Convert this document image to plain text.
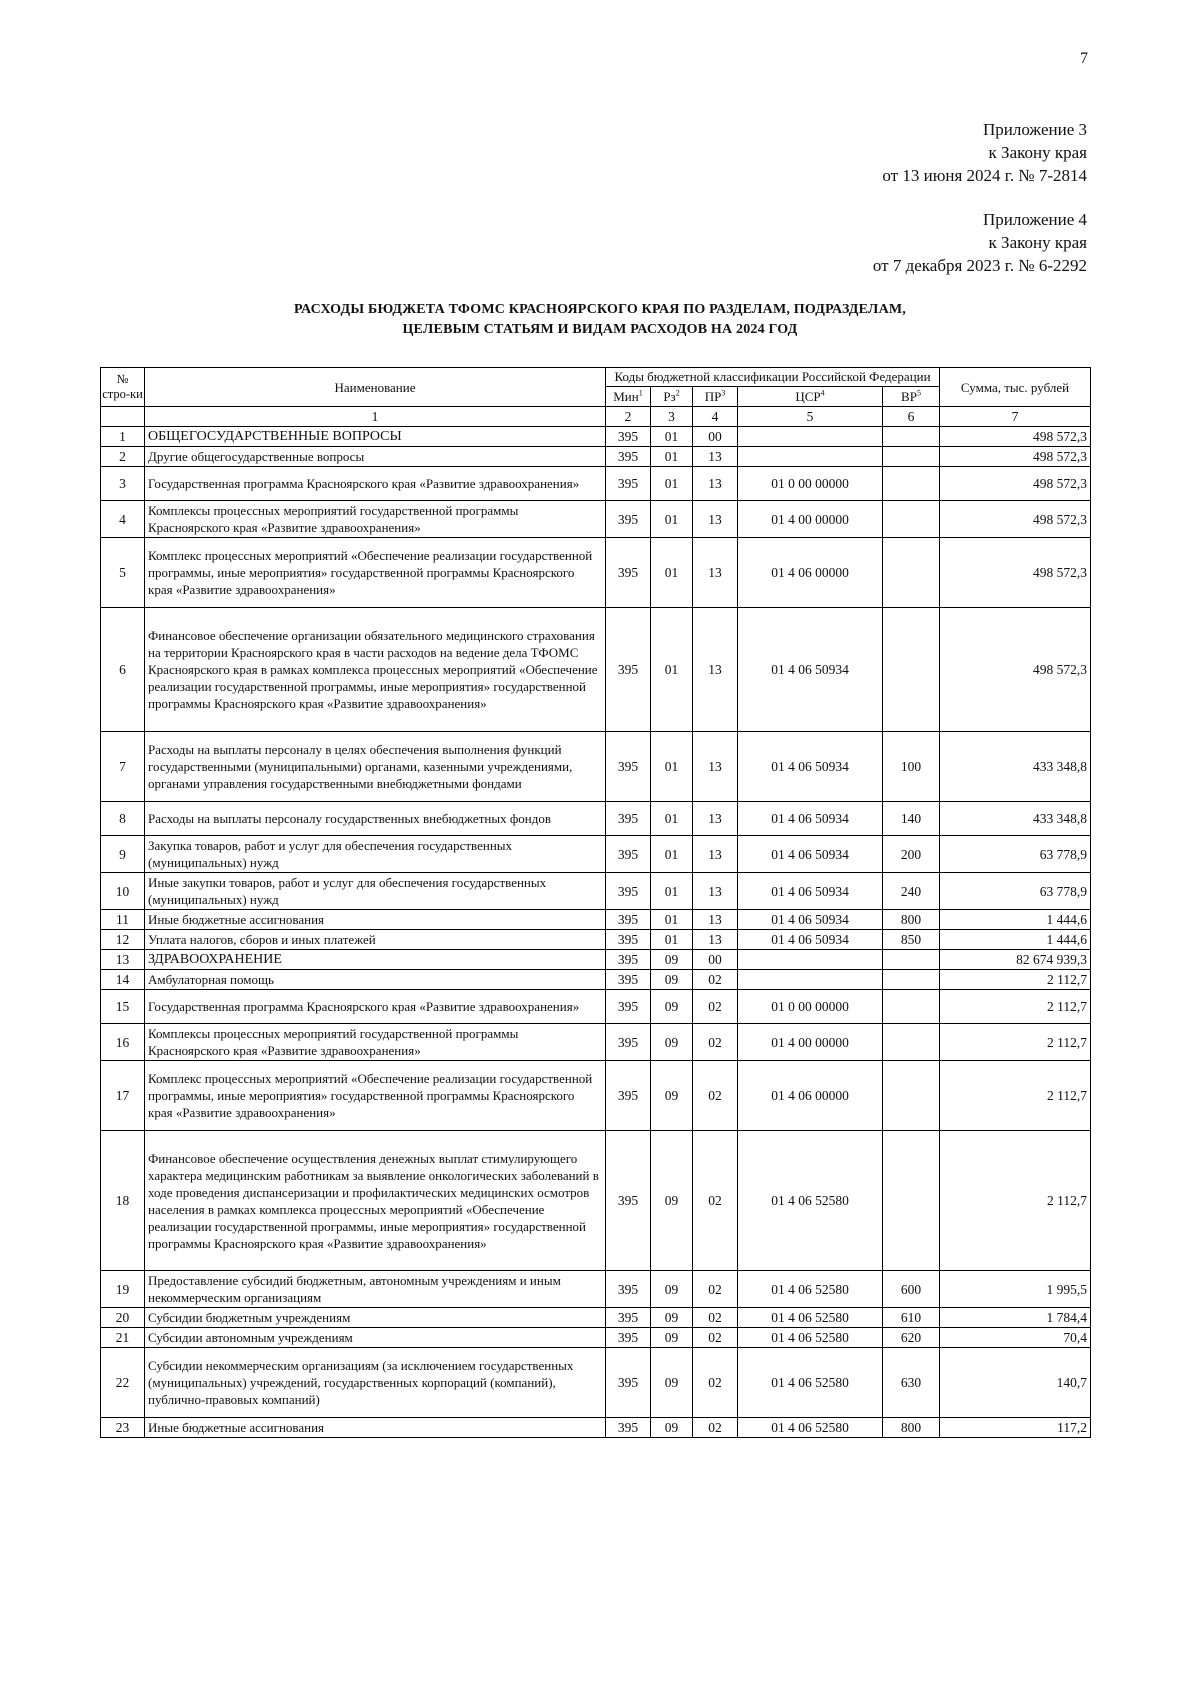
7
Приложение 3
к Закону края
от 13 июня 2024 г. № 7-2814
Приложение 4
к Закону края
от 7 декабря 2023 г. № 6-2292
РАСХОДЫ БЮДЖЕТА ТФОМС КРАСНОЯРСКОГО КРАЯ ПО РАЗДЕЛАМ, ПОДРАЗДЕЛАМ,
ЦЕЛЕВЫМ СТАТЬЯМ И ВИДАМ РАСХОДОВ НА 2024 ГОД
№ стро-ки	Наименование	Коды бюджетной классификации Российской Федерации					Сумма, тыс. рублей
		Мин$^1$	$Рз^2$	$ПР^3$	ЦСР$^4$	$ВР^5$
	1	2	3	4	5	6	7
1	ОБЩЕГОСУДАРСТВЕННЫЕ ВОПРОСЫ	395	01	00			498 572,3
2	Другие общегосударственные вопросы	395	01	13			498 572,3
3	Государственная программа Красноярского края «Развитие здравоохранения»	395	01	13	01 0 00 00000		498 572,3
4	Комплексы процессных мероприятий государственной программы Красноярского края «Развитие здравоохранения»	395	01	13	01 4 00 00000		498 572,3
5	Комплекс процессных мероприятий «Обеспечение реализации государственной программы, иные мероприятия» государственной программы Красноярского края «Развитие здравоохранения»	395	01	13	01 4 06 00000		498 572,3
6	Финансовое обеспечение организации обязательного медицинского страхования на территории Красноярского края в части расходов на ведение дела ТФОМС Красноярского края в рамках комплекса процессных мероприятий «Обеспечение реализации государственной программы, иные мероприятия» государственной программы Красноярского края «Развитие здравоохранения»	395	01	13	01 4 06 50934		498 572,3
7	Расходы на выплаты персоналу в целях обеспечения выполнения функций государственными (муниципальными) органами, казенными учреждениями, органами управления государственными внебюджетными фондами	395	01	13	01 4 06 50934	100	433 348,8
8	Расходы на выплаты персоналу государственных внебюджетных фондов	395	01	13	01 4 06 50934	140	433 348,8
9	Закупка товаров, работ и услуг для обеспечения государственных (муниципальных) нужд	395	01	13	01 4 06 50934	200	63 778,9
10	Иные закупки товаров, работ и услуг для обеспечения государственных (муниципальных) нужд	395	01	13	01 4 06 50934	240	63 778,9
11	Иные бюджетные ассигнования	395	01	13	01 4 06 50934	800	1 444,6
12	Уплата налогов, сборов и иных платежей	395	01	13	01 4 06 50934	850	1 444,6
13	ЗДРАВООХРАНЕНИЕ	395	09	00			82 674 939,3
14	Амбулаторная помощь	395	09	02			2 112,7
15	Государственная программа Красноярского края «Развитие здравоохранения»	395	09	02	01 0 00 00000		2 112,7
16	Комплексы процессных мероприятий государственной программы Красноярского края «Развитие здравоохранения»	395	09	02	01 4 00 00000		2 112,7
17	Комплекс процессных мероприятий «Обеспечение реализации государственной программы, иные мероприятия» государственной программы Красноярского края «Развитие здравоохранения»	395	09	02	01 4 06 00000		2 112,7
18	Финансовое обеспечение осуществления денежных выплат стимулирующего характера медицинским работникам за выявление онкологических заболеваний в ходе проведения диспансеризации и профилактических медицинских осмотров населения в рамках комплекса процессных мероприятий «Обеспечение реализации государственной программы, иные мероприятия» государственной программы Красноярского края «Развитие здравоохранения»	395	09	02	01 4 06 52580		2 112,7
19	Предоставление субсидий бюджетным, автономным учреждениям и иным некоммерческим организациям	395	09	02	01 4 06 52580	600	1 995,5
20	Субсидии бюджетным учреждениям	395	09	02	01 4 06 52580	610	1 784,4
21	Субсидии автономным учреждениям	395	09	02	01 4 06 52580	620	70,4
22	Субсидии некоммерческим организациям (за исключением государственных (муниципальных) учреждений, государственных корпораций (компаний), публично-правовых компаний)	395	09	02	01 4 06 52580	630	140,7
23	Иные бюджетные ассигнования	395	09	02	01 4 06 52580	800	117,2
